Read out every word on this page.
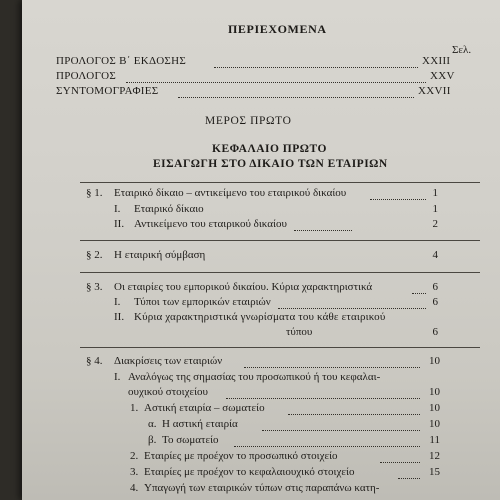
ΠΕΡΙΕΧΟΜΕΝΑ
Σελ.
ΠΡΟΛΟΓΟΣ Β΄ ΕΚΔΟΣΗΣ	XXIII
ΠΡΟΛΟΓΟΣ	XXV
ΣΥΝΤΟΜΟΓΡΑΦΙΕΣ	XXVII
ΜΕΡΟΣ ΠΡΩΤΟ
ΚΕΦΑΛΑΙΟ ΠΡΩΤΟ
ΕΙΣΑΓΩΓΗ ΣΤΟ ΔΙΚΑΙΟ ΤΩΝ ΕΤΑΙΡΙΩΝ
§ 1. Εταιρικό δίκαιο – αντικείμενο του εταιρικού δικαίου	1
Ι. Εταιρικό δίκαιο	1
ΙΙ. Αντικείμενο του εταιρικού δικαίου	2
§ 2. Η εταιρική σύμβαση	4
§ 3. Οι εταιρίες του εμπορικού δικαίου. Κύρια χαρακτηριστικά	6
Ι. Τύποι των εμπορικών εταιριών	6
ΙΙ. Κύρια χαρακτηριστικά γνωρίσματα του κάθε εταιρικού
τύπου	6
§ 4. Διακρίσεις των εταιριών	10
Ι. Αναλόγως της σημασίας του προσωπικού ή του κεφαλαι-
ουχικού στοιχείου	10
1. Αστική εταιρία – σωματείο	10
α. Η αστική εταιρία	10
β. Το σωματείο	11
2. Εταιρίες με προέχον το προσωπικό στοιχείο	12
3. Εταιρίες με προέχον το κεφαλαιουχικό στοιχείο	15
4. Υπαγωγή των εταιρικών τύπων στις παραπάνω κατη-
